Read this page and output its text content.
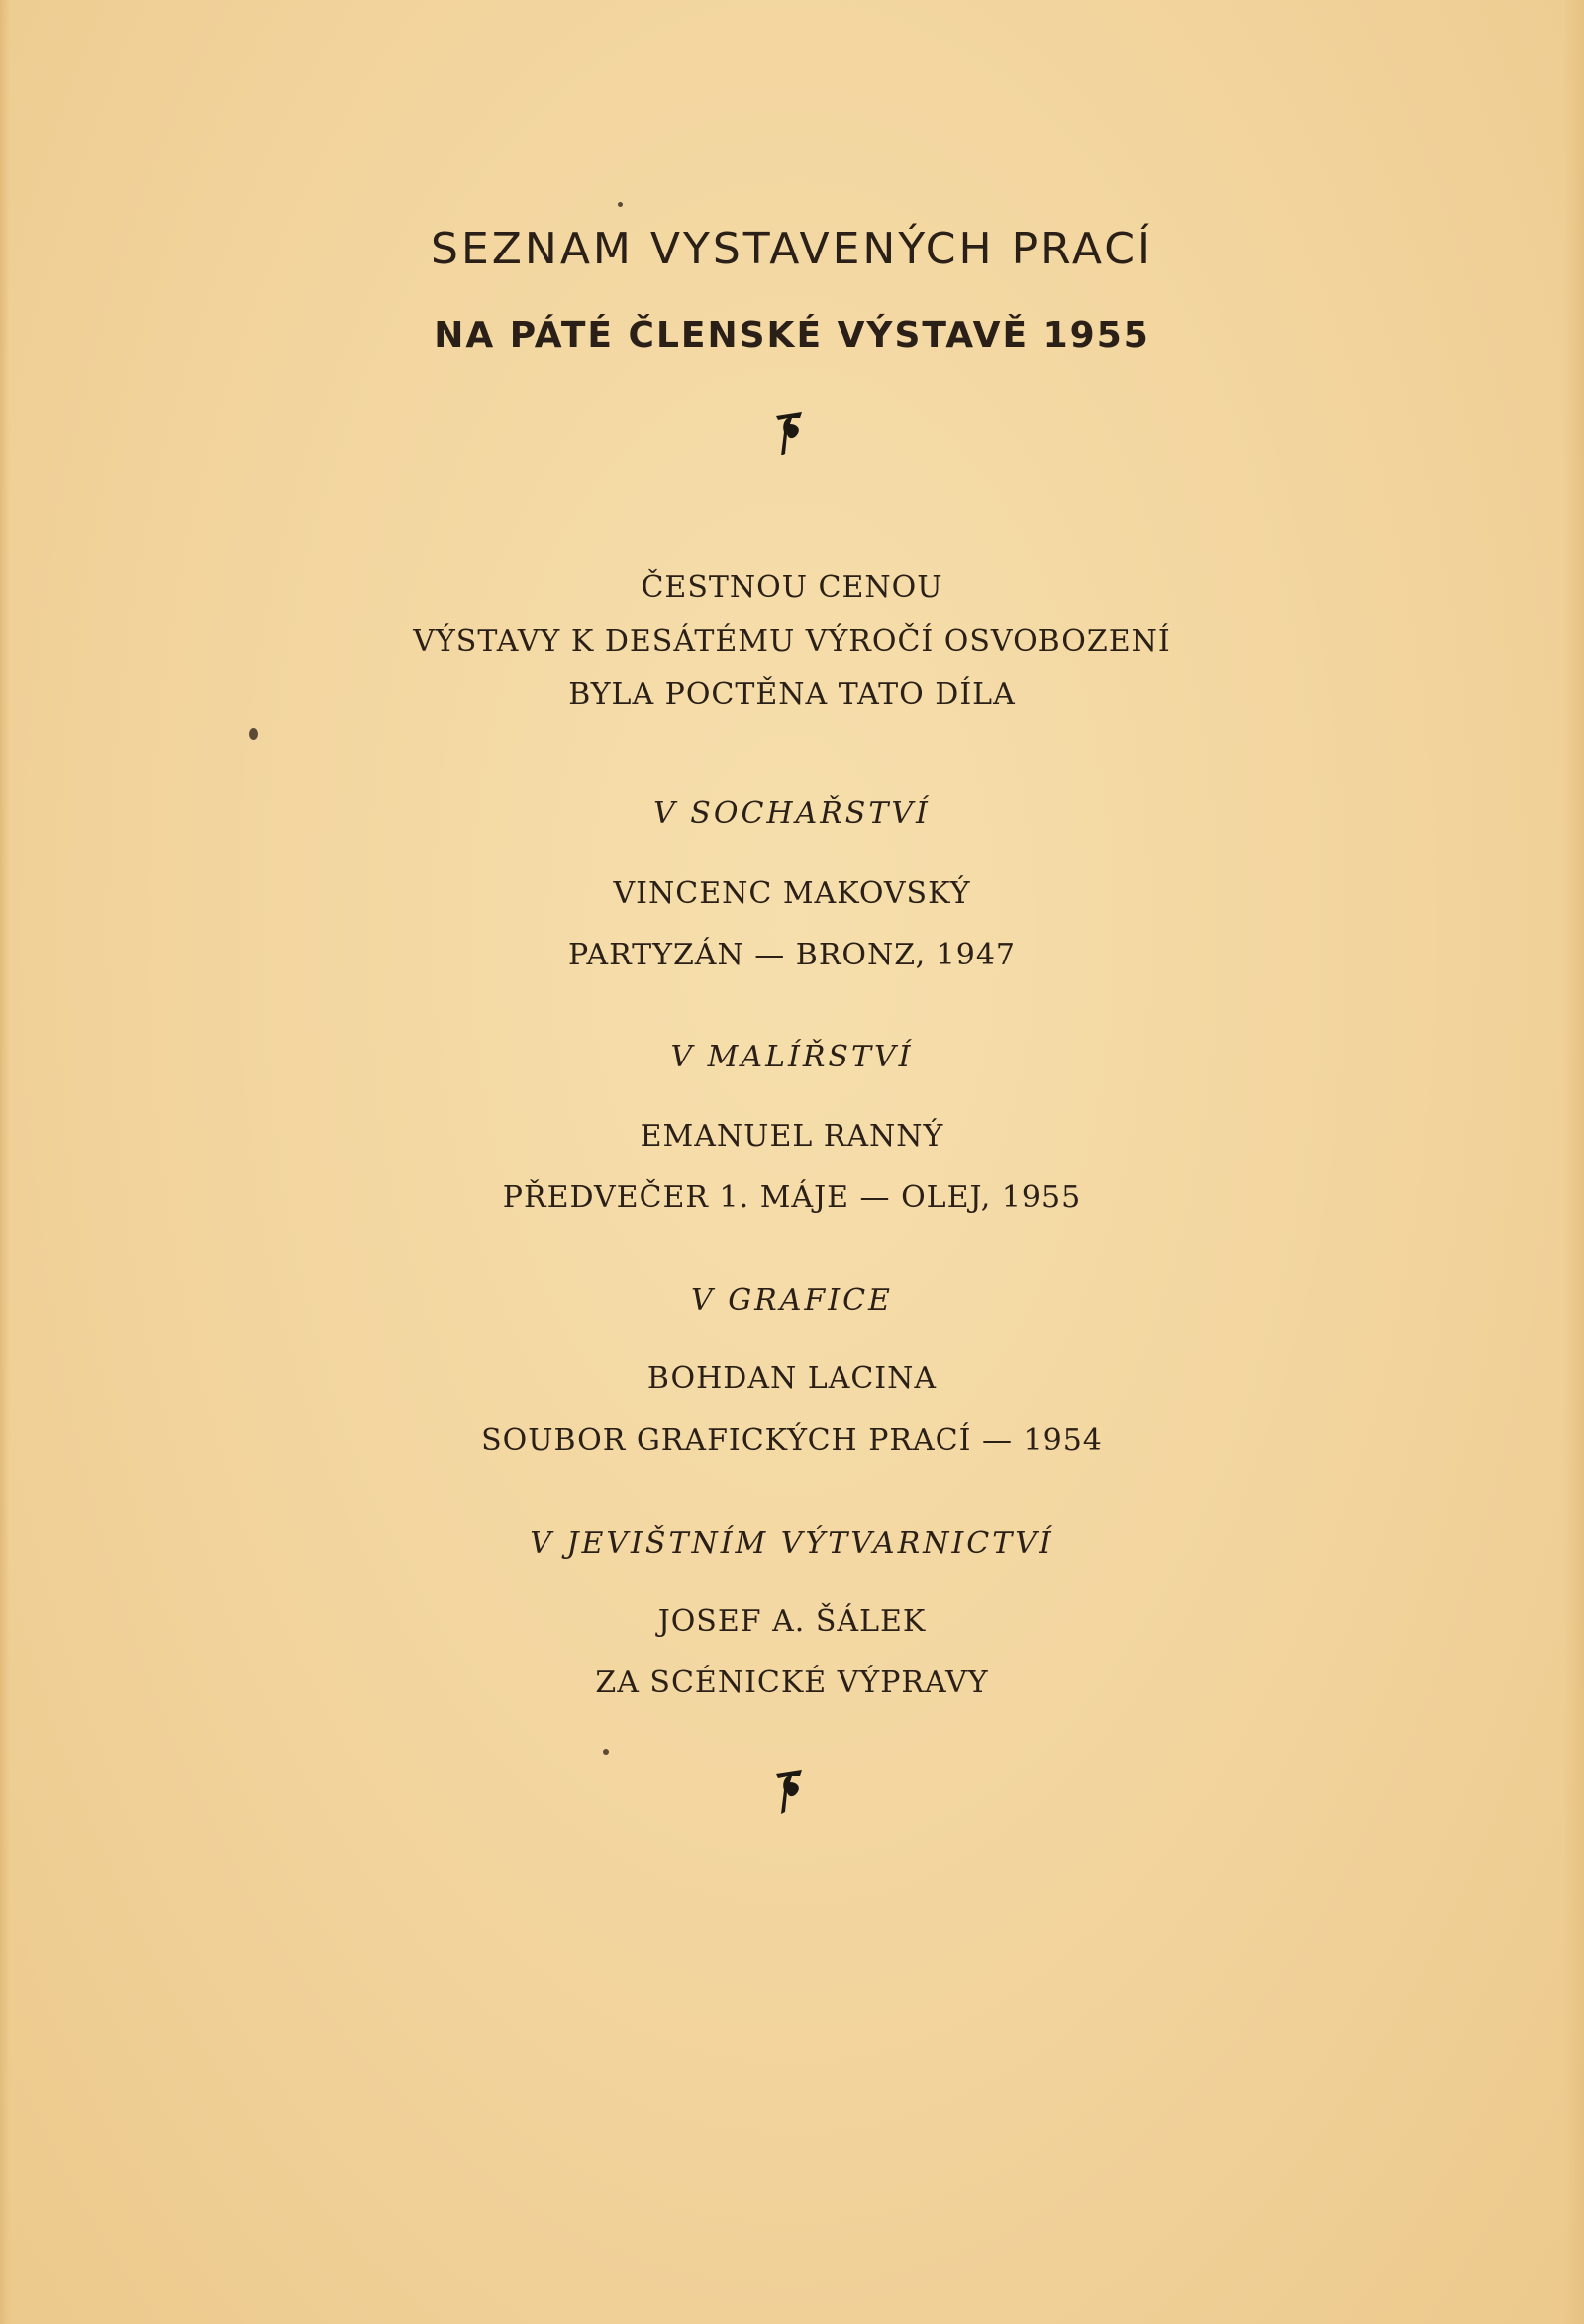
SEZNAM VYSTAVENÝCH PRACÍ
NA PÁTÉ ČLENSKÉ VÝSTAVĚ 1955
ČESTNOU CENOU
VÝSTAVY K DESÁTÉMU VÝROČÍ OSVOBOZENÍ
BYLA POCTĚNA TATO DÍLA
V SOCHAŘSTVÍ
VINCENC MAKOVSKÝ
PARTYZÁN — BRONZ, 1947
V MALÍŘSTVÍ
EMANUEL RANNÝ
PŘEDVEČER 1. MÁJE — OLEJ, 1955
V GRAFICE
BOHDAN LACINA
SOUBOR GRAFICKÝCH PRACÍ — 1954
V JEVIŠTNÍM VÝTVARNICTVÍ
JOSEF A. ŠÁLEK
ZA SCÉNICKÉ VÝPRAVY
